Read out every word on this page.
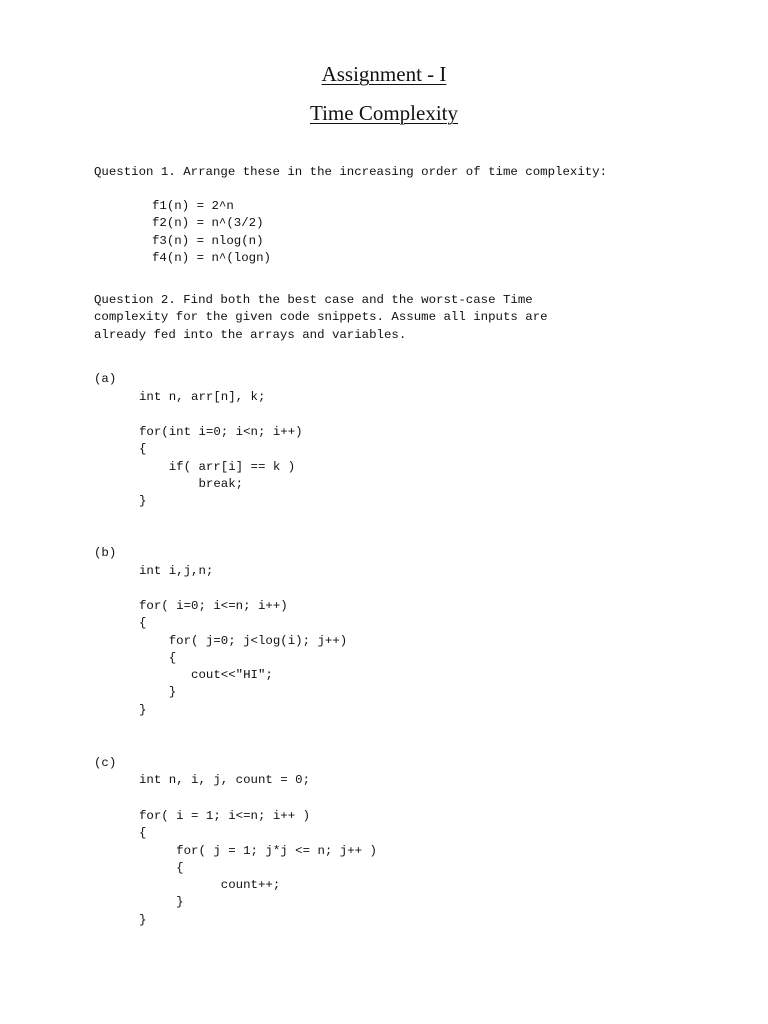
Assignment - I
Time Complexity
Question 1. Arrange these in the increasing order of time complexity:
f1(n) = 2^n
f2(n) = n^(3/2)
f3(n) = nlog(n)
f4(n) = n^(logn)
Question 2. Find both the best case and the worst-case Time
complexity for the given code snippets. Assume all inputs are
already fed into the arrays and variables.
(a)
int n, arr[n], k;
for(int i=0; i<n; i++)
{
if( arr[i] == k )
break;
}
(b)
int i,j,n;
for( i=0; i<=n; i++)
{
for( j=0; j<log(i); j++)
{
cout<<"HI";
}
}
(c)
int n, i, j, count = 0;
for( i = 1; i<=n; i++ )
{
for( j = 1; j*j <= n; j++ )
{
count++;
}
}
